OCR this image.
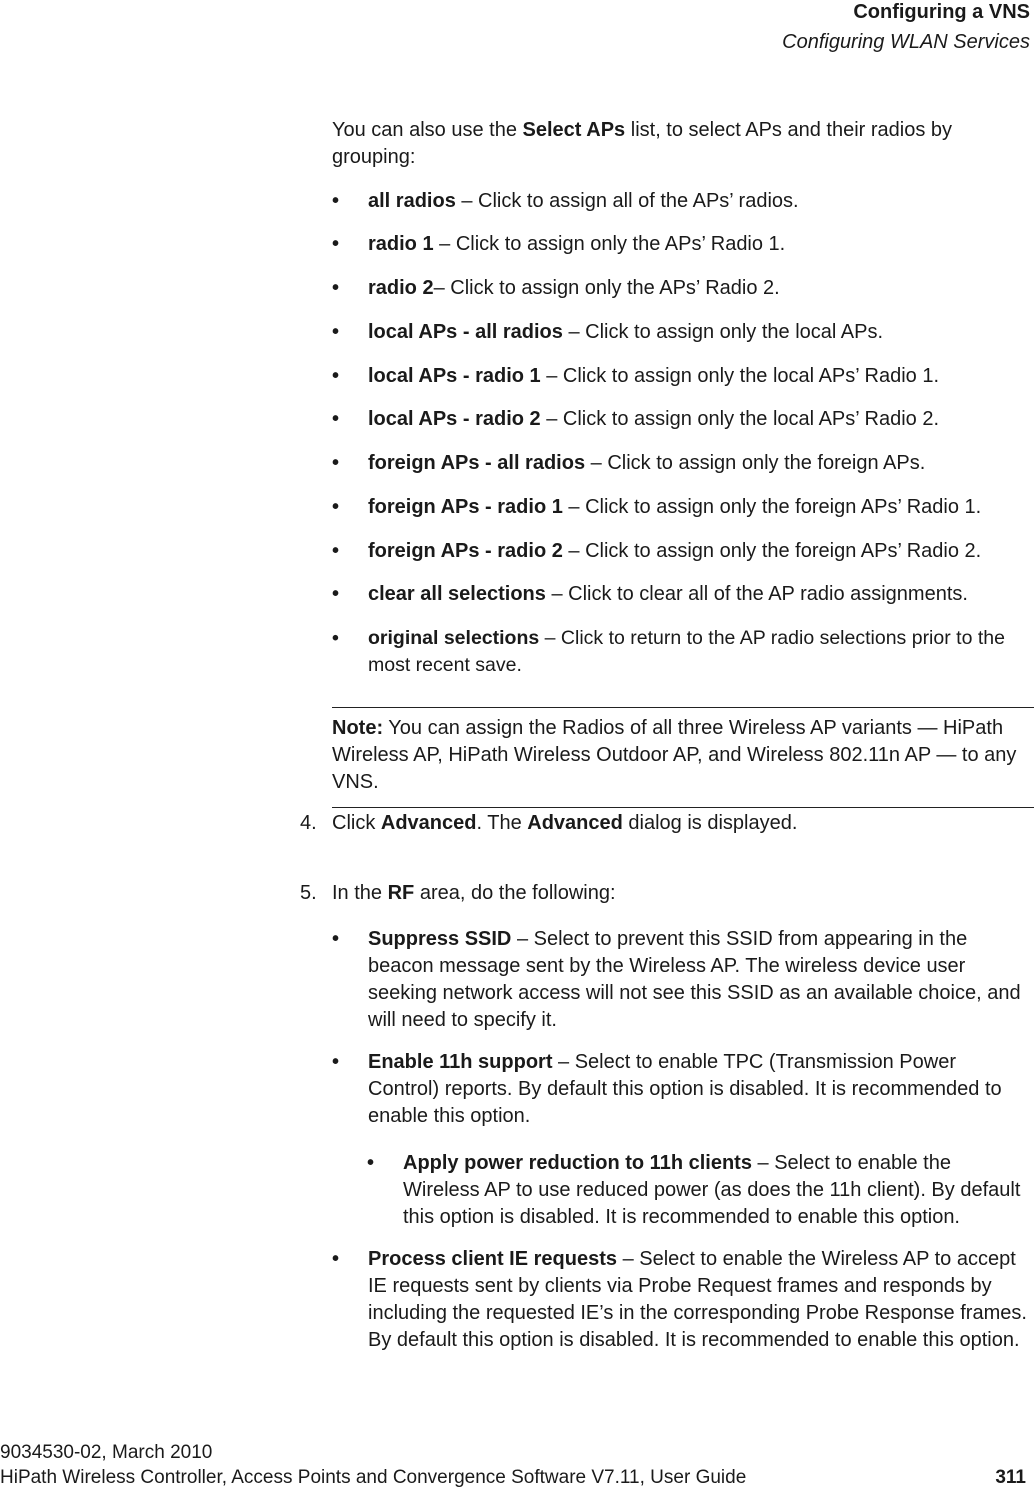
Configuring a VNS
Configuring WLAN Services
You can also use the Select APs list, to select APs and their radios by grouping:
• all radios – Click to assign all of the APs’ radios.
• radio 1 – Click to assign only the APs’ Radio 1.
• radio 2– Click to assign only the APs’ Radio 2.
• local APs - all radios – Click to assign only the local APs.
• local APs - radio 1 – Click to assign only the local APs’ Radio 1.
• local APs - radio 2 – Click to assign only the local APs’ Radio 2.
• foreign APs - all radios – Click to assign only the foreign APs.
• foreign APs - radio 1 – Click to assign only the foreign APs’ Radio 1.
• foreign APs - radio 2 – Click to assign only the foreign APs’ Radio 2.
• clear all selections – Click to clear all of the AP radio assignments.
• original selections – Click to return to the AP radio selections prior to the most recent save.
Note: You can assign the Radios of all three Wireless AP variants — HiPath Wireless AP, HiPath Wireless Outdoor AP, and Wireless 802.11n AP — to any VNS.
4. Click Advanced. The Advanced dialog is displayed.
5. In the RF area, do the following:
• Suppress SSID – Select to prevent this SSID from appearing in the beacon message sent by the Wireless AP. The wireless device user seeking network access will not see this SSID as an available choice, and will need to specify it.
• Enable 11h support – Select to enable TPC (Transmission Power Control) reports. By default this option is disabled. It is recommended to enable this option.
• Apply power reduction to 11h clients – Select to enable the Wireless AP to use reduced power (as does the 11h client). By default this option is disabled. It is recommended to enable this option.
• Process client IE requests – Select to enable the Wireless AP to accept IE requests sent by clients via Probe Request frames and responds by including the requested IE’s in the corresponding Probe Response frames. By default this option is disabled. It is recommended to enable this option.
9034530-02, March 2010
HiPath Wireless Controller, Access Points and Convergence Software V7.11, User Guide	311
